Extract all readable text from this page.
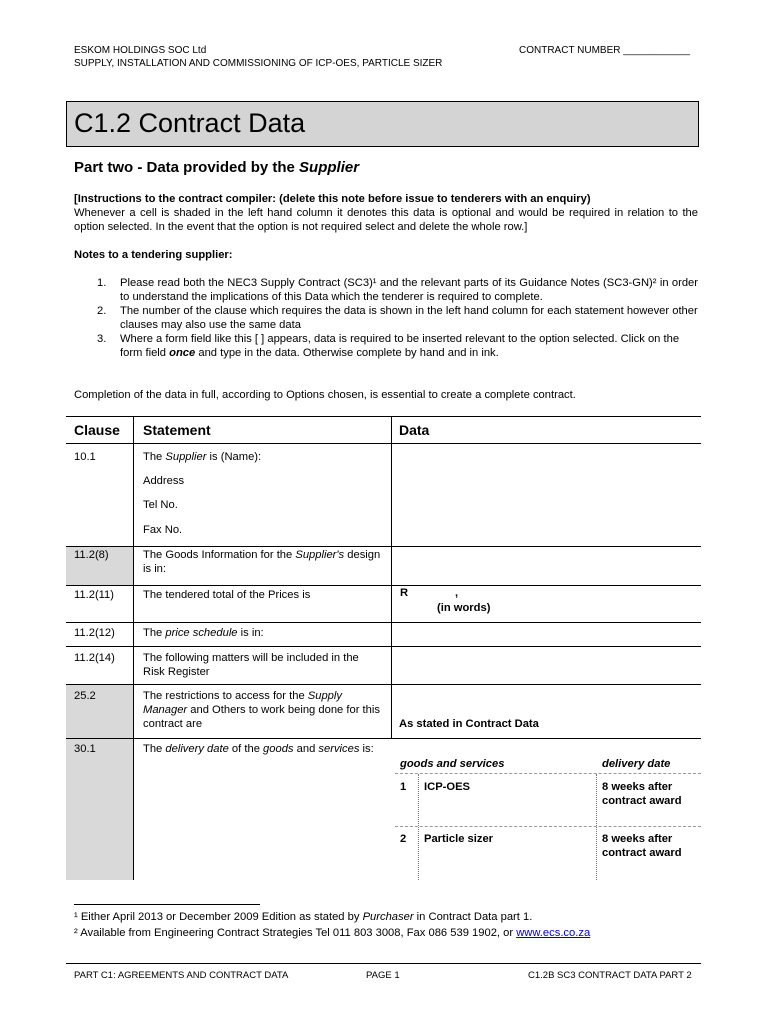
ESKOM HOLDINGS SOC Ltd
SUPPLY, INSTALLATION AND COMMISSIONING OF ICP-OES, PARTICLE SIZER
CONTRACT NUMBER ____________
C1.2 Contract Data
Part two - Data provided by the Supplier
[Instructions to the contract compiler: (delete this note before issue to tenderers with an enquiry)
Whenever a cell is shaded in the left hand column it denotes this data is optional and would be required in relation to the option selected. In the event that the option is not required select and delete the whole row.]
Notes to a tendering supplier:
1. Please read both the NEC3 Supply Contract (SC3)¹ and the relevant parts of its Guidance Notes (SC3-GN)² in order to understand the implications of this Data which the tenderer is required to complete.
2. The number of the clause which requires the data is shown in the left hand column for each statement however other clauses may also use the same data
3. Where a form field like this [ ] appears, data is required to be inserted relevant to the option selected. Click on the form field once and type in the data. Otherwise complete by hand and in ink.
Completion of the data in full, according to Options chosen, is essential to create a complete contract.
Clause Statement	Data
10.1	The Supplier is (Name):
Address
Tel No.
Fax No.
11.2(8)	The Goods Information for the Supplier's design is in:
11.2(11)	The tendered total of the Prices is	R	,
(in words)
11.2(12)	The price schedule is in:
11.2(14)	The following matters will be included in the Risk Register
25.2	The restrictions to access for the Supply Manager and Others to work being done for this contract are	As stated in Contract Data
30.1	The delivery date of the goods and services is:
goods and services	delivery date
1 ICP-OES	8 weeks after contract award
2 Particle sizer	8 weeks after contract award
¹ Either April 2013 or December 2009 Edition as stated by Purchaser in Contract Data part 1.
² Available from Engineering Contract Strategies Tel 011 803 3008, Fax 086 539 1902, or www.ecs.co.za
PART C1: AGREEMENTS AND CONTRACT DATA	PAGE 1	C1.2B SC3 CONTRACT DATA PART 2
